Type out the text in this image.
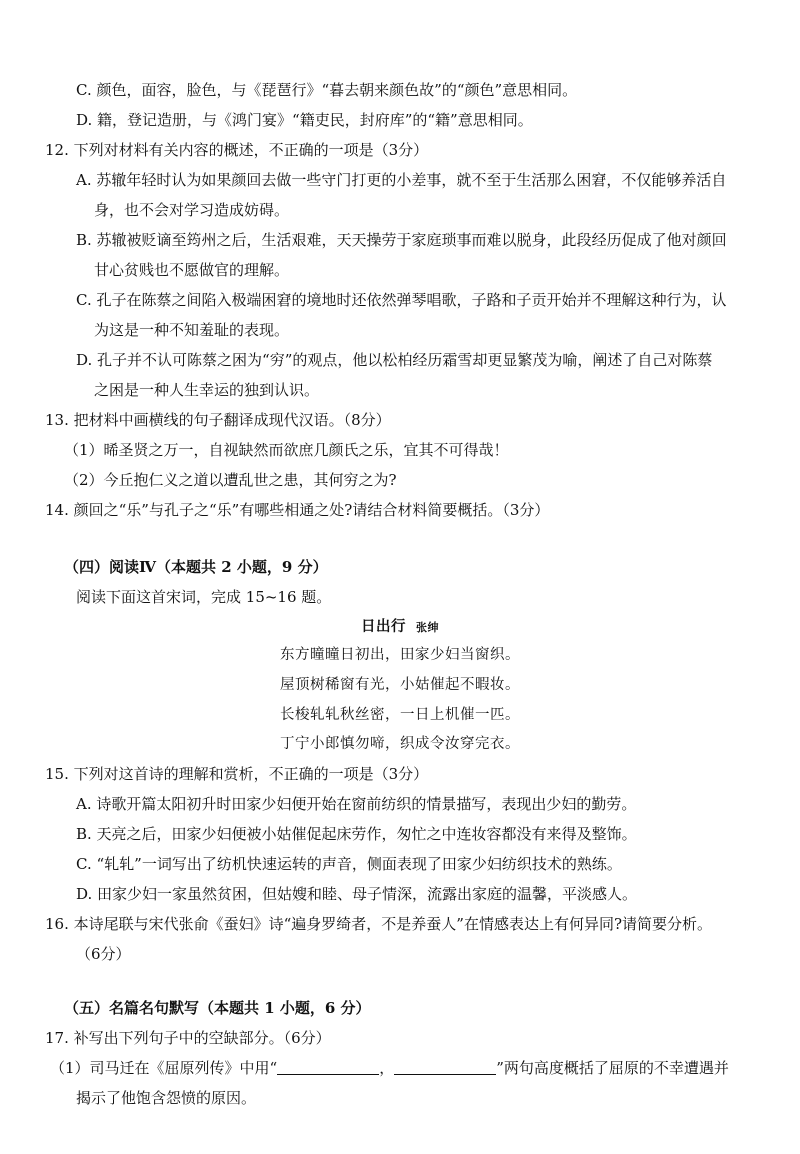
C. 颜色，面容，脸色，与《琵琶行》“暮去朝来颜色故”的“颜色”意思相同。
D. 籍，登记造册，与《鸿门宴》“籍吏民，封府库”的“籍”意思相同。
12. 下列对材料有关内容的概述，不正确的一项是（3分）
A. 苏辙年轻时认为如果颜回去做一些守门打更的小差事，就不至于生活那么困窘，不仅能够养活自
身，也不会对学习造成妨碍。
B. 苏辙被贬谪至筠州之后，生活艰难，天天操劳于家庭琐事而难以脱身，此段经历促成了他对颜回
甘心贫贱也不愿做官的理解。
C. 孔子在陈蔡之间陷入极端困窘的境地时还依然弹琴唱歌，子路和子贡开始并不理解这种行为，认
为这是一种不知羞耻的表现。
D. 孔子并不认可陈蔡之困为“穷”的观点，他以松柏经历霜雪却更显繁茂为喻，阐述了自己对陈蔡
之困是一种人生幸运的独到认识。
13. 把材料中画横线的句子翻译成现代汉语。（8分）
（1）晞圣贤之万一，自视缺然而欲庶几颜氏之乐，宜其不可得哉！
（2）今丘抱仁义之道以遭乱世之患，其何穷之为?
14. 颜回之“乐”与孔子之“乐”有哪些相通之处?请结合材料简要概括。（3分）
（四）阅读Ⅳ（本题共 2 小题，9 分）
阅读下面这首宋词，完成 15~16 题。
日出行 张绅
东方曈曈日初出，田家少妇当窗织。
屋顶树稀窗有光，小姑催起不暇妆。
长梭轧轧秋丝密，一日上机催一匹。
丁宁小郎慎勿啼，织成令汝穿完衣。
15. 下列对这首诗的理解和赏析，不正确的一项是（3分）
A. 诗歌开篇太阳初升时田家少妇便开始在窗前纺织的情景描写，表现出少妇的勤劳。
B. 天亮之后，田家少妇便被小姑催促起床劳作，匆忙之中连妆容都没有来得及整饰。
C. “轧轧”一词写出了纺机快速运转的声音，侧面表现了田家少妇纺织技术的熟练。
D. 田家少妇一家虽然贫困，但姑嫂和睦、母子情深，流露出家庭的温馨，平淡感人。
16. 本诗尾联与宋代张俞《蚕妇》诗“遍身罗绮者，不是养蚕人”在情感表达上有何异同?请简要分析。
（6分）
（五）名篇名句默写（本题共 1 小题，6 分）
17. 补写出下列句子中的空缺部分。（6分）
（1）司马迁在《屈原列传》中用“	，	”两句高度概括了屈原的不幸遭遇并
揭示了他饱含怨愤的原因。
